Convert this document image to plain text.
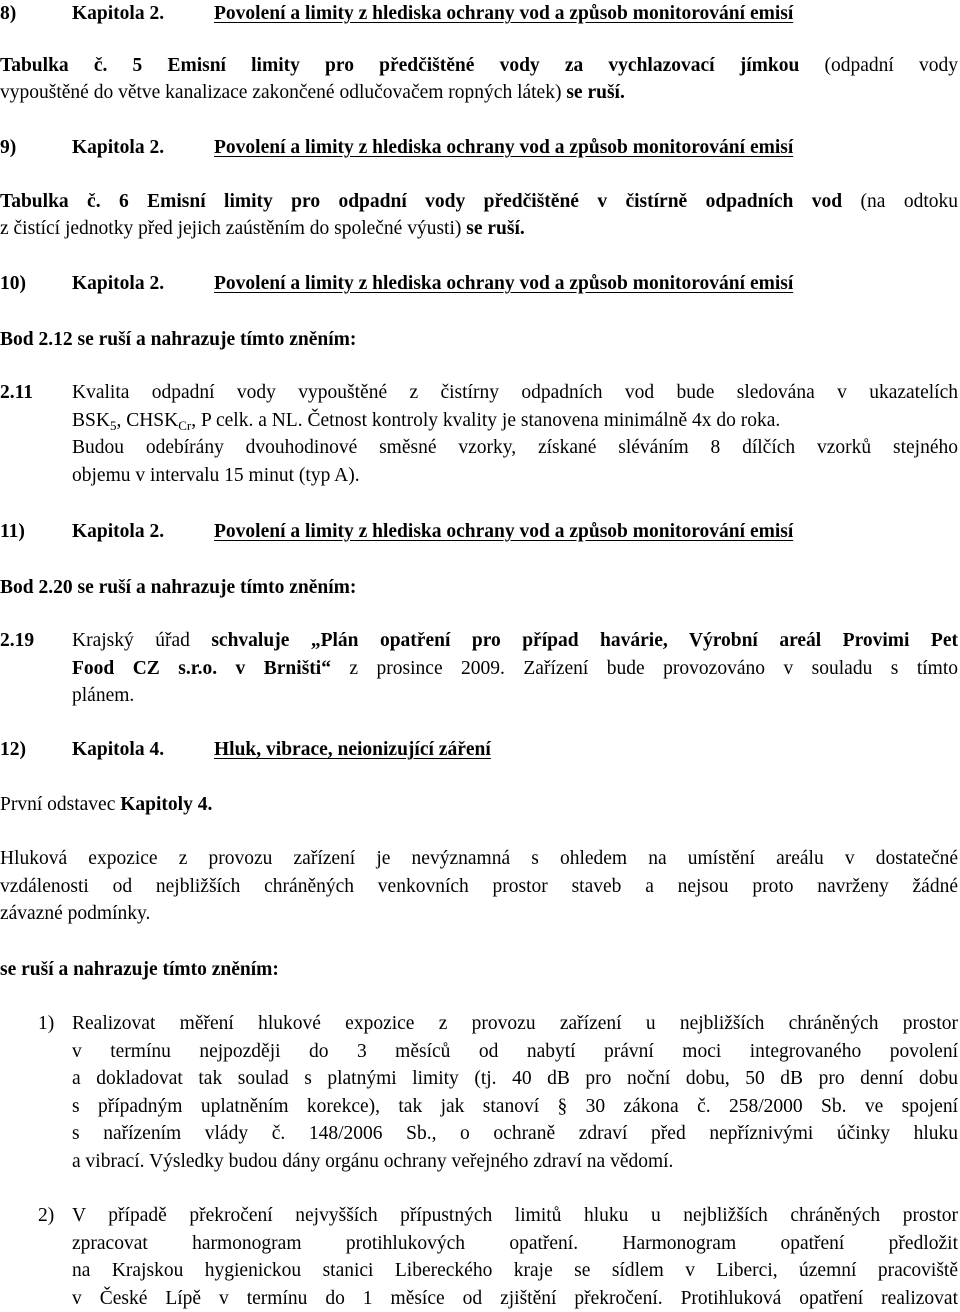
8)	Kapitola 2.	Povolení a limity z hlediska ochrany vod a způsob monitorování emisí
Tabulka č. 5 Emisní limity pro předčištěné vody za vychlazovací jímkou (odpadní vody
vypouštěné do větve kanalizace zakončené odlučovačem ropných látek) se ruší.
9)	Kapitola 2.	Povolení a limity z hlediska ochrany vod a způsob monitorování emisí
Tabulka č. 6 Emisní limity pro odpadní vody předčištěné v čistírně odpadních vod (na odtoku
z čistící jednotky před jejich zaústěním do společné výusti) se ruší.
10) Kapitola 2.	Povolení a limity z hlediska ochrany vod a způsob monitorování emisí
Bod 2.12 se ruší a nahrazuje tímto zněním:
2.11 Kvalita odpadní vody vypouštěné z čistírny odpadních vod bude sledována v ukazatelích
$BSK_5$, $CHSK_{Cr}$, P celk. a NL. Četnost kontroly kvality je stanovena minimálně 4x do roka.
Budou odebírány dvouhodinové směsné vzorky, získané sléváním 8 dílčích vzorků stejného
objemu v intervalu 15 minut (typ A).
11) Kapitola 2.	Povolení a limity z hlediska ochrany vod a způsob monitorování emisí
Bod 2.20 se ruší a nahrazuje tímto zněním:
2.19 Krajský úřad schvaluje „Plán opatření pro případ havárie, Výrobní areál Provimi Pet
Food CZ s.r.o. v Brništi“ z prosince 2009. Zařízení bude provozováno v souladu s tímto
plánem.
12) Kapitola 4.	Hluk, vibrace, neionizující záření
První odstavec Kapitoly 4.
Hluková expozice z provozu zařízení je nevýznamná s ohledem na umístění areálu v dostatečné
vzdálenosti od nejbližších chráněných venkovních prostor staveb a nejsou proto navrženy žádné
závazné podmínky.
se ruší a nahrazuje tímto zněním:
1) Realizovat měření hlukové expozice z provozu zařízení u nejbližších chráněných prostor
v termínu nejpozději do 3 měsíců od nabytí právní moci integrovaného povolení
a dokladovat tak soulad s platnými limity (tj. 40 dB pro noční dobu, 50 dB pro denní dobu
s případným uplatněním korekce), tak jak stanoví § 30 zákona č. 258/2000 Sb. ve spojení
s nařízením vlády č. 148/2006 Sb., o ochraně zdraví před nepříznivými účinky hluku
a vibrací. Výsledky budou dány orgánu ochrany veřejného zdraví na vědomí.
2) V případě překročení nejvyšších přípustných limitů hluku u nejbližších chráněných prostor
zpracovat harmonogram protihlukových opatření. Harmonogram opatření předložit
na Krajskou hygienickou stanici Libereckého kraje se sídlem v Liberci, územní pracoviště
v České Lípě v termínu do 1 měsíce od zjištění překročení. Protihluková opatření realizovat
